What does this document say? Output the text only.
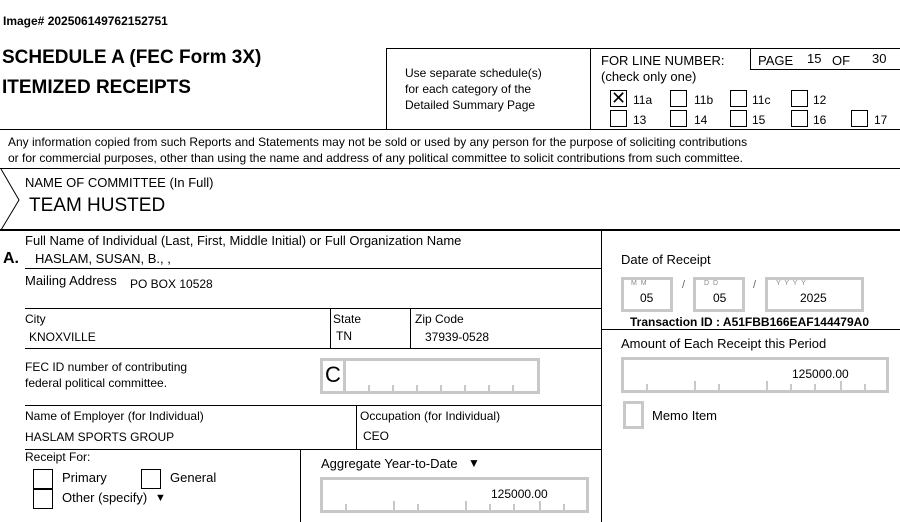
Image# 202506149762152751
SCHEDULE A (FEC Form 3X)
ITEMIZED RECEIPTS
Use separate schedule(s)
for each category of the
Detailed Summary Page
FOR LINE NUMBER:
(check only one)
PAGE 15 OF 30
✕ 11a	11b	11c	12
13	14	15	16	17
Any information copied from such Reports and Statements may not be sold or used by any person for the purpose of soliciting contributions
or for commercial purposes, other than using the name and address of any political committee to solicit contributions from such committee.
NAME OF COMMITTEE (In Full)
TEAM HUSTED
A.
Full Name of Individual (Last, First, Middle Initial) or Full Organization Name
HASLAM, SUSAN, B., ,
Mailing Address PO BOX 10528
City
KNOXVILLE
State
TN
Zip Code
37939-0528
FEC ID number of contributing
federal political committee.	C
Name of Employer (for Individual)
HASLAM SPORTS GROUP
Occupation (for Individual)
CEO
Receipt For:
Primary	General
Other (specify) ▼
Aggregate Year-to-Date ▼
125000.00
Date of Receipt
M M
05
/	D D
05
/	Y Y Y Y
2025
Transaction ID : A51FBB166EAF144479A0
Amount of Each Receipt this Period
125000.00
Memo Item
